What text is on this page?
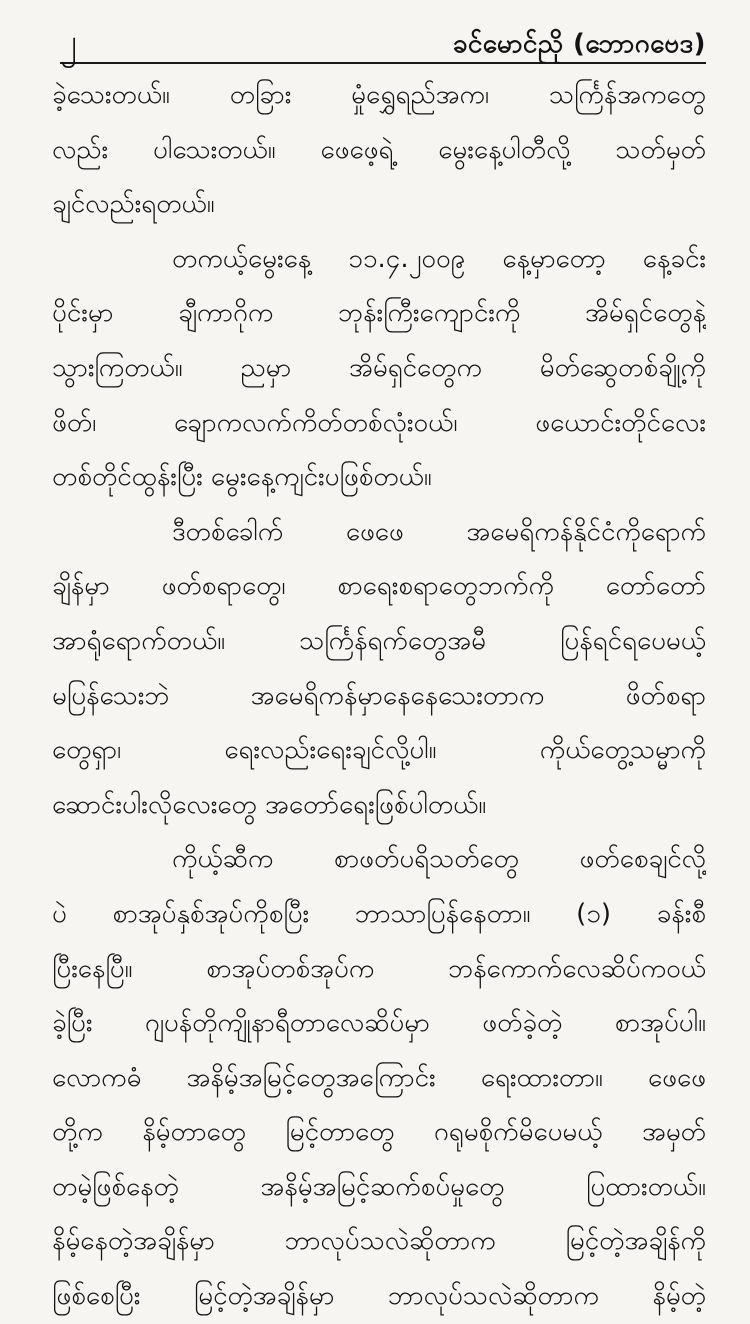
၂	ခင်မောင်ညို (ဘောဂဗေဒ)
ခဲ့သေးတယ်။ တခြား မှုံရွှေရည်အက၊ သင်္ကြန်အကတွေ
လည်း ပါသေးတယ်။ ဖေဖေ့ရဲ့ မွေးနေ့ပါတီလို့ သတ်မှတ်
ချင်လည်းရတယ်။
တကယ့်မွေးနေ့ ၁၁.၄.၂၀၀၉ နေ့မှာတော့ နေ့ခင်း
ပိုင်းမှာ ချီကာဂိုက ဘုန်းကြီးကျောင်းကို အိမ်ရှင်တွေနဲ့
သွားကြတယ်။ ညမှာ အိမ်ရှင်တွေက မိတ်ဆွေတစ်ချို့ကို
ဖိတ်၊ ချောကလက်ကိတ်တစ်လုံးဝယ်၊ ဖယောင်းတိုင်လေး
တစ်တိုင်ထွန်းပြီး မွေးနေ့ကျင်းပဖြစ်တယ်။
ဒီတစ်ခေါက် ဖေဖေ အမေရိကန်နိုင်ငံကိုရောက်
ချိန်မှာ ဖတ်စရာတွေ၊ စာရေးစရာတွေဘက်ကို တော်တော်
အာရုံရောက်တယ်။ သင်္ကြန်ရက်တွေအမီ ပြန်ရင်ရပေမယ့်
မပြန်သေးဘဲ အမေရိကန်မှာနေနေသေးတာက ဖိတ်စရာ
တွေရှာ၊ ရေးလည်းရေးချင်လို့ပါ။ ကိုယ်တွေ့သမ္မာကို
ဆောင်းပါးလိုလေးတွေ အတော်ရေးဖြစ်ပါတယ်။
ကိုယ့်ဆီက စာဖတ်ပရိသတ်တွေ ဖတ်စေချင်လို့
ပဲ စာအုပ်နှစ်အုပ်ကိုစပြီး ဘာသာပြန်နေတာ။ (၁) ခန်းစီ
ပြီးနေပြီ။ စာအုပ်တစ်အုပ်က ဘန်ကောက်လေဆိပ်ကဝယ်
ခဲ့ပြီး ဂျပန်တိုကျိုနာရီတာလေဆိပ်မှာ ဖတ်ခဲ့တဲ့ စာအုပ်ပါ။
လောကဓံ အနိမ့်အမြင့်တွေအကြောင်း ရေးထားတာ။ ဖေဖေ
တို့က နိမ့်တာတွေ မြင့်တာတွေ ဂရုမစိုက်မိပေမယ့် အမှတ်
တမဲ့ဖြစ်နေတဲ့ အနိမ့်အမြင့်ဆက်စပ်မှုတွေ ပြထားတယ်။
နိမ့်နေတဲ့အချိန်မှာ ဘာလုပ်သလဲဆိုတာက မြင့်တဲ့အချိန်ကို
ဖြစ်စေပြီး မြင့်တဲ့အချိန်မှာ ဘာလုပ်သလဲဆိုတာက နိမ့်တဲ့
